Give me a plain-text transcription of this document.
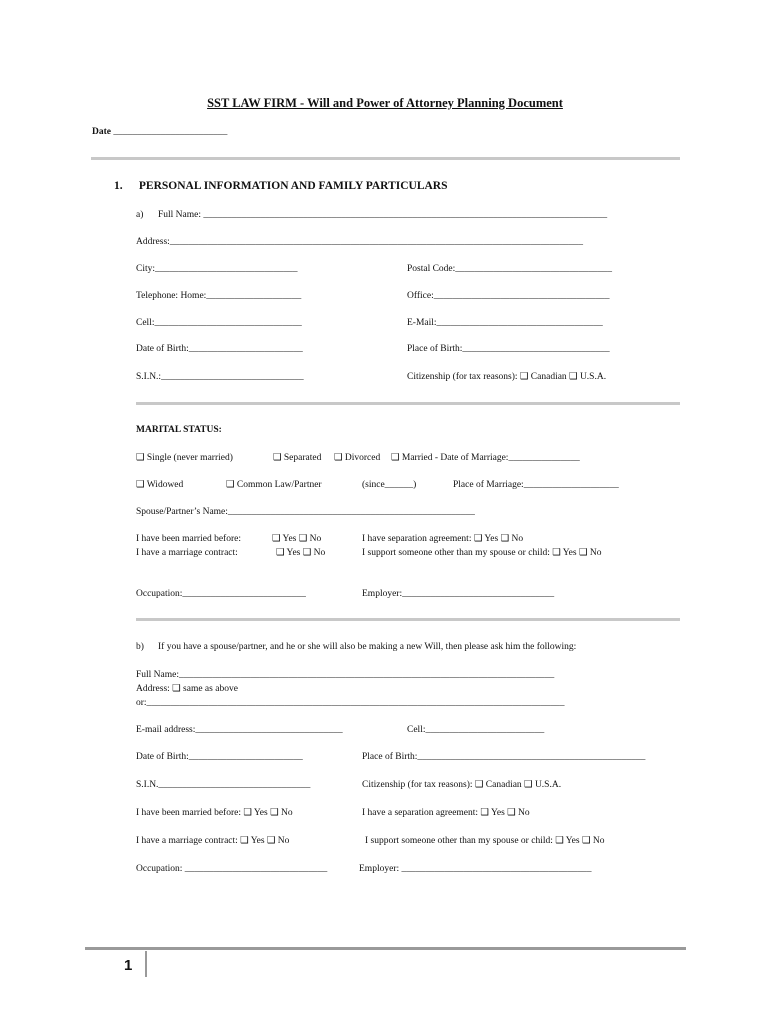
SST LAW FIRM - Will and Power of Attorney Planning Document
Date ________________________
1. PERSONAL INFORMATION AND FAMILY PARTICULARS
a) Full Name: _____________________________________________________________________________________
Address:_______________________________________________________________________________________
City:______________________________	Postal Code:_________________________________
Telephone: Home:____________________	Office:_____________________________________
Cell:_______________________________	E-Mail:___________________________________
Date of Birth:________________________	Place of Birth:_______________________________
S.I.N.:______________________________	Citizenship (for tax reasons): ❑ Canadian ❑ U.S.A.
MARITAL STATUS:
❑ Single (never married)	❑ Separated ❑ Divorced ❑ Married - Date of Marriage:_______________
❑ Widowed	❑ Common Law/Partner	(since______)	Place of Marriage:____________________
Spouse/Partner’s Name:____________________________________________________
I have been married before:	❑ Yes ❑ No	I have separation agreement: ❑ Yes ❑ No
I have a marriage contract:	❑ Yes ❑ No	I support someone other than my spouse or child: ❑ Yes ❑ No
Occupation:__________________________	Employer:________________________________
b) If you have a spouse/partner, and he or she will also be making a new Will, then please ask him the following:
Full Name:_______________________________________________________________________________
Address: ❑ same as above
or:________________________________________________________________________________________
E-mail address:_______________________________	Cell:_________________________
Date of Birth:________________________	Place of Birth:________________________________________________
S.I.N.________________________________	Citizenship (for tax reasons): ❑ Canadian ❑ U.S.A.
I have been married before: ❑ Yes ❑ No	I have a separation agreement: ❑ Yes ❑ No
I have a marriage contract: ❑ Yes ❑ No	I support someone other than my spouse or child: ❑ Yes ❑ No
Occupation: ______________________________	Employer: ________________________________________
1
